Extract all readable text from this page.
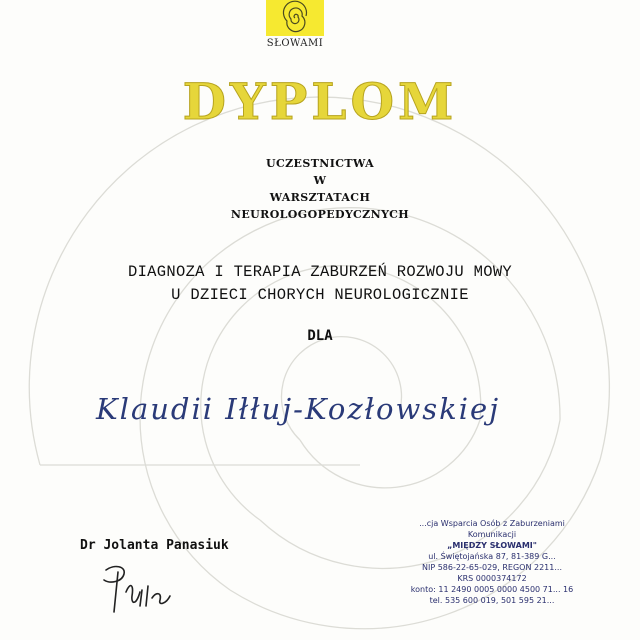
SŁOWAMI
DYPLOM
UCZESTNICTWA
W
WARSZTATACH
NEUROLOGOPEDYCZNYCH
DIAGNOZA I TERAPIA ZABURZEŃ ROZWOJU MOWY
U DZIECI CHORYCH NEUROLOGICZNIE
DLA
Klaudii Iłłuj-Kozłowskiej
Dr Jolanta Panasiuk
...cja Wsparcia Osób z Zaburzeniami Komunikacji
„MIĘDZY SŁOWAMI"
ul. Świętojańska 87, 81-389 G...
NIP 586-22-65-029, REGON 2211...
KRS 0000374172
konto: 11 2490 0005 0000 4500 71... 16
tel. 535 600 019, 501 595 21...
